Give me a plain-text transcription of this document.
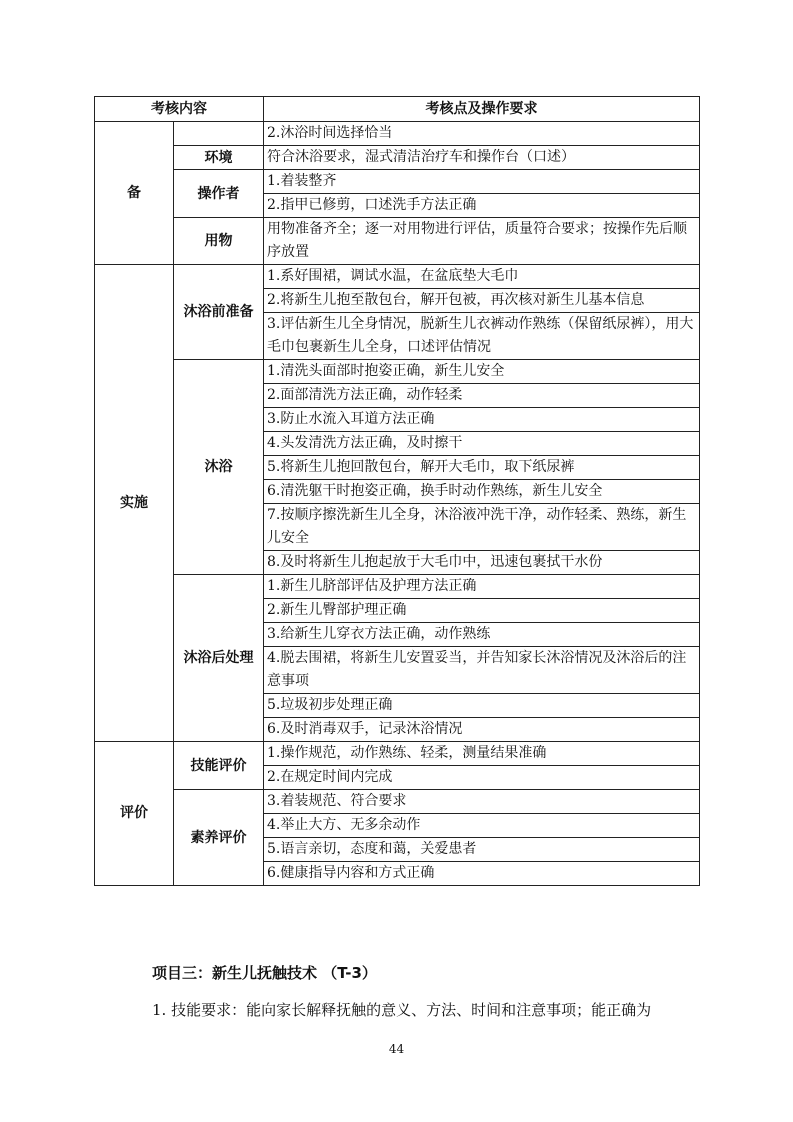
考核内容		考核点及操作要求
备		2.沐浴时间选择恰当
	环境	符合沐浴要求，湿式清洁治疗车和操作台（口述）
	操作者	1.着装整齐
		2.指甲已修剪，口述洗手方法正确
	用物	用物准备齐全；逐一对用物进行评估，质量符合要求；按操作先后顺序放置
实施	沐浴前准备	1.系好围裙，调试水温，在盆底垫大毛巾
		2.将新生儿抱至散包台，解开包被，再次核对新生儿基本信息
		3.评估新生儿全身情况，脱新生儿衣裤动作熟练（保留纸尿裤），用大毛巾包裹新生儿全身，口述评估情况
	沐浴	1.清洗头面部时抱姿正确，新生儿安全
		2.面部清洗方法正确，动作轻柔
		3.防止水流入耳道方法正确
		4.头发清洗方法正确，及时擦干
		5.将新生儿抱回散包台，解开大毛巾，取下纸尿裤
		6.清洗躯干时抱姿正确，换手时动作熟练，新生儿安全
		7.按顺序擦洗新生儿全身，沐浴液冲洗干净，动作轻柔、熟练，新生儿安全
		8.及时将新生儿抱起放于大毛巾中，迅速包裹拭干水份
	沐浴后处理	1.新生儿脐部评估及护理方法正确
		2.新生儿臀部护理正确
		3.给新生儿穿衣方法正确，动作熟练
		4.脱去围裙，将新生儿安置妥当，并告知家长沐浴情况及沐浴后的注意事项
		5.垃圾初步处理正确
		6.及时消毒双手，记录沐浴情况
评价	技能评价	1.操作规范，动作熟练、轻柔，测量结果准确
		2.在规定时间内完成
	素养评价	3.着装规范、符合要求
		4.举止大方、无多余动作
		5.语言亲切，态度和蔼，关爱患者
		6.健康指导内容和方式正确

项目三：新生儿抚触技术 （T-3）

1. 技能要求：能向家长解释抚触的意义、方法、时间和注意事项；能正确为

44
